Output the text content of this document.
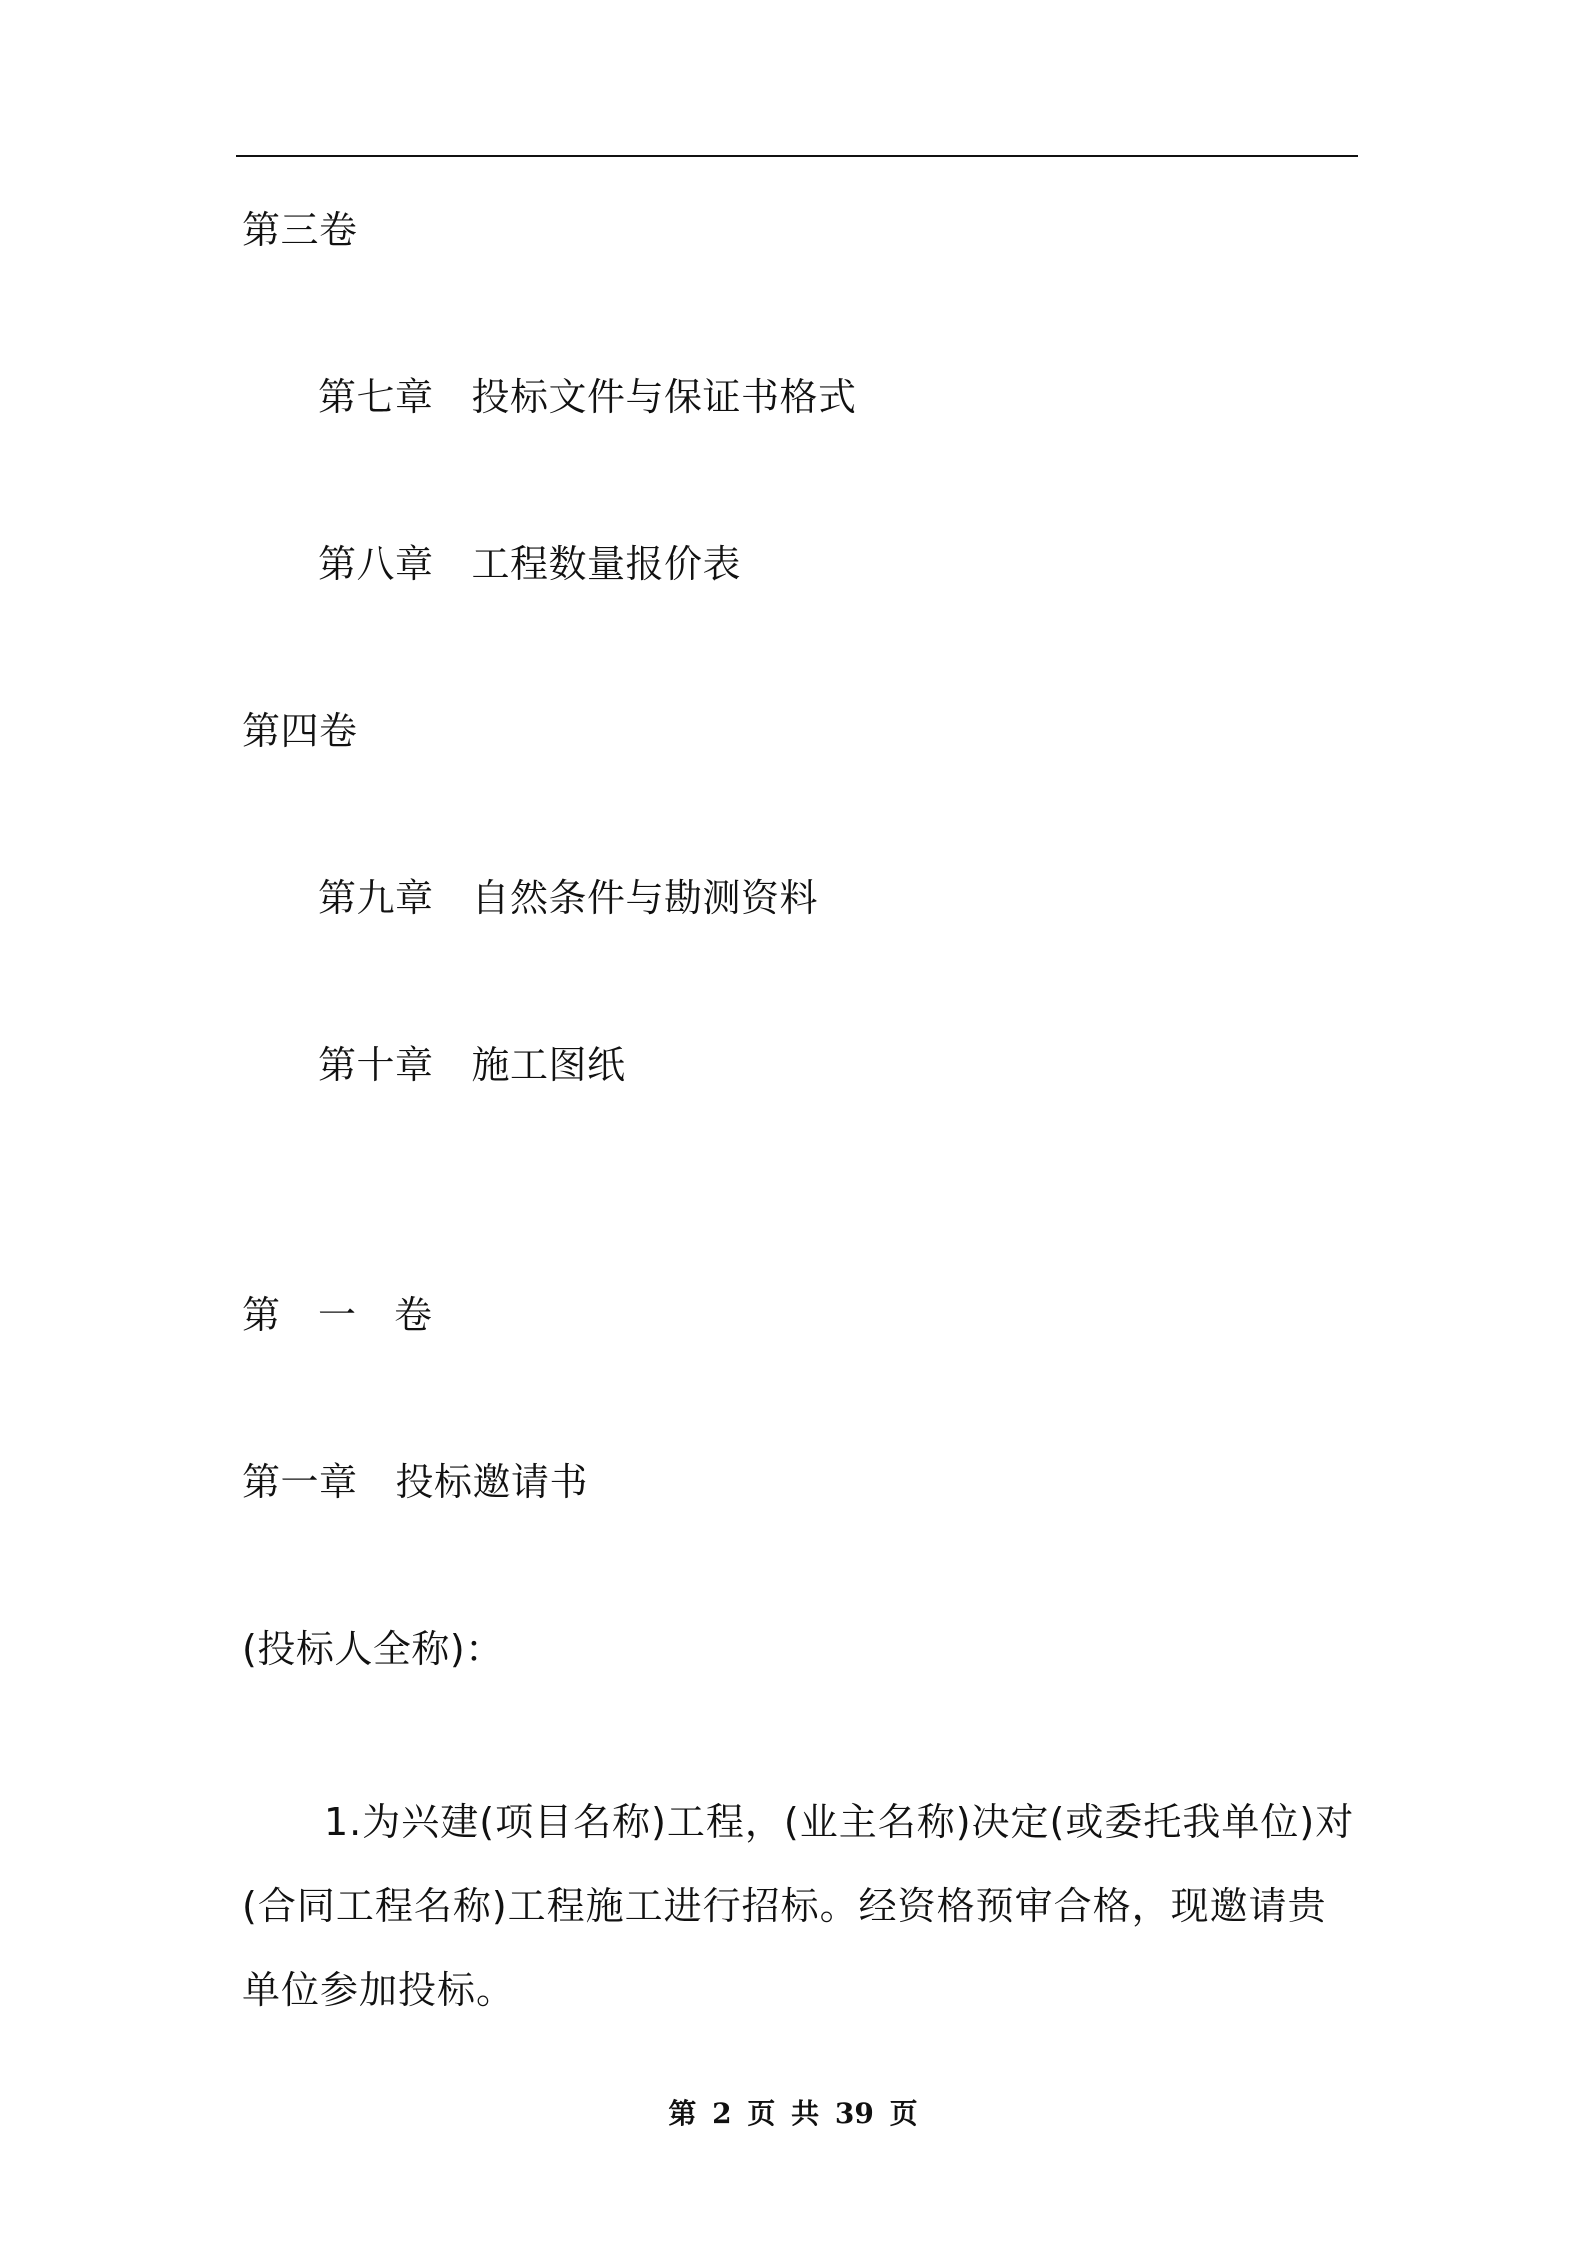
第三卷
第七章 投标文件与保证书格式
第八章 工程数量报价表
第四卷
第九章 自然条件与勘测资料
第十章 施工图纸
第 一 卷
第一章 投标邀请书
(投标人全称)：
1.为兴建(项目名称)工程，(业主名称)决定(或委托我单位)对(合同工程名称)工程施工进行招标。经资格预审合格，现邀请贵单位参加投标。
第 2 页 共 39 页
